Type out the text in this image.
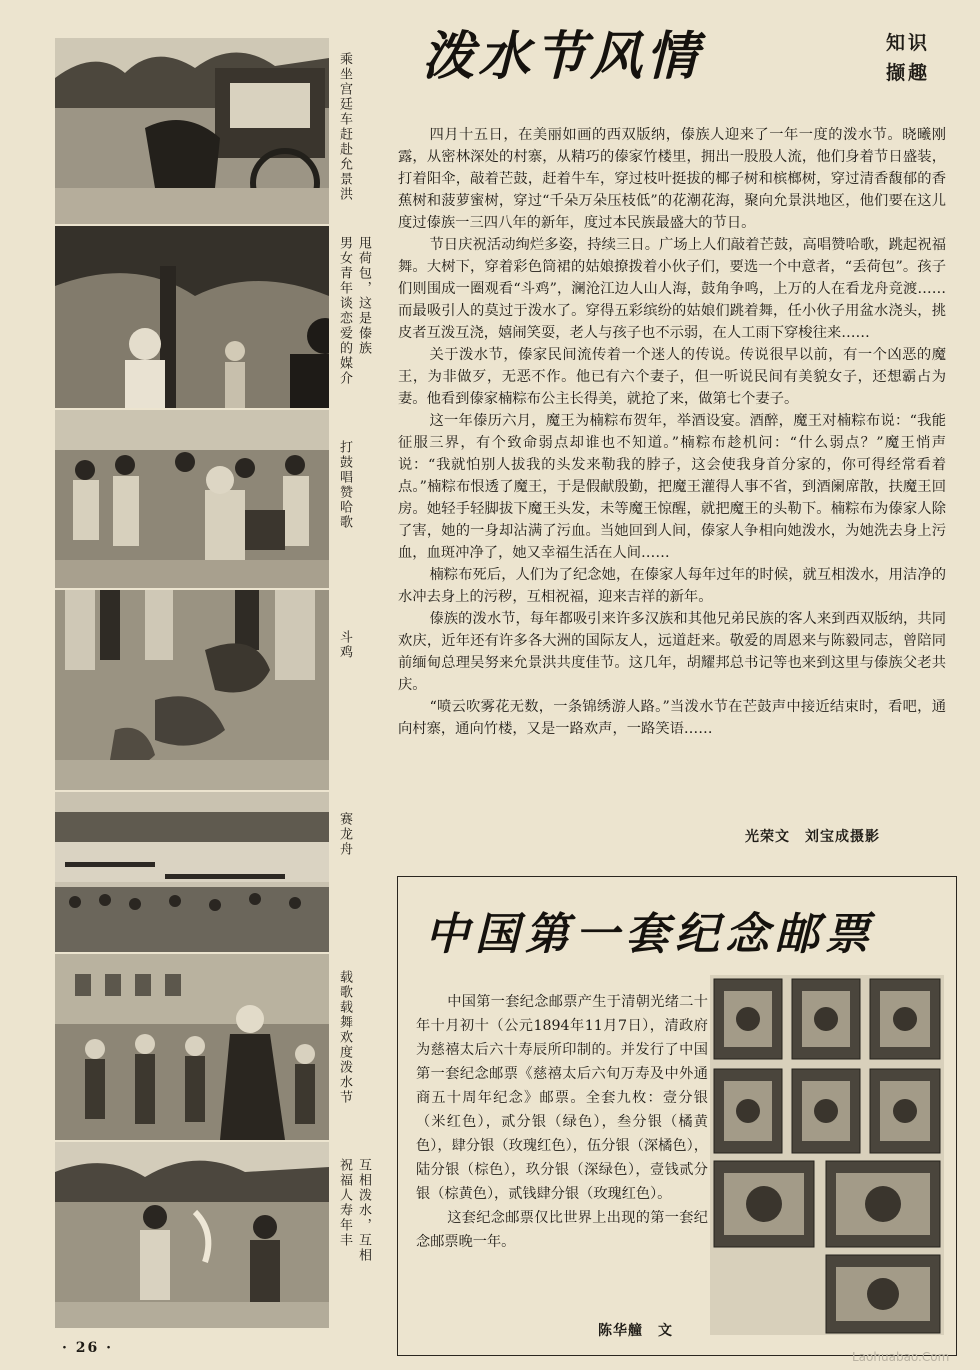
乘坐宫廷车赶赴允景洪
男女青年谈恋爱的媒介 甩荷包，这是傣族
打鼓唱赞哈歌
斗鸡
赛龙舟
载歌载舞欢度泼水节
祝福人寿年丰 互相泼水，互相
泼水节风情	知识
撷趣

四月十五日，在美丽如画的西双版纳，傣族人迎来了一年一度的泼水节。晓曦刚露，从密林深处的村寨，从精巧的傣家竹楼里，拥出一股股人流，他们身着节日盛装，打着阳伞，敲着芒鼓，赶着牛车，穿过枝叶挺拔的椰子树和槟榔树，穿过清香馥郁的香蕉树和菠萝蜜树，穿过“千朵万朵压枝低”的花潮花海，聚向允景洪地区，他们要在这儿度过傣族一三四八年的新年，度过本民族最盛大的节日。

节日庆祝活动绚烂多姿，持续三日。广场上人们敲着芒鼓，高唱赞哈歌，跳起祝福舞。大树下，穿着彩色筒裙的姑娘撩拨着小伙子们，要选一个中意者，“丢荷包”。孩子们则围成一圈观看“斗鸡”，澜沧江边人山人海，鼓角争鸣，上万的人在看龙舟竞渡……而最吸引人的莫过于泼水了。穿得五彩缤纷的姑娘们跳着舞，任小伙子用盆水浇头，挑皮者互泼互浇，嬉闹笑耍，老人与孩子也不示弱，在人工雨下穿梭往来……

关于泼水节，傣家民间流传着一个迷人的传说。传说很早以前，有一个凶恶的魔王，为非做歹，无恶不作。他已有六个妻子，但一听说民间有美貌女子，还想霸占为妻。他看到傣家楠粽布公主长得美，就抢了来，做第七个妻子。

这一年傣历六月，魔王为楠粽布贺年，举酒设宴。酒醉，魔王对楠粽布说：“我能征服三界，有个致命弱点却谁也不知道。”楠粽布趁机问：“什么弱点？”魔王悄声说：“我就怕别人拔我的头发来勒我的脖子，这会使我身首分家的，你可得经常看着点。”楠粽布恨透了魔王，于是假献殷勤，把魔王灌得人事不省，到酒阑席散，扶魔王回房。她轻手轻脚拔下魔王头发，未等魔王惊醒，就把魔王的头勒下。楠粽布为傣家人除了害，她的一身却沾满了污血。当她回到人间，傣家人争相向她泼水，为她洗去身上污血，血斑冲净了，她又幸福生活在人间……

楠粽布死后，人们为了纪念她，在傣家人每年过年的时候，就互相泼水，用洁净的水冲去身上的污秽，互相祝福，迎来吉祥的新年。

傣族的泼水节，每年都吸引来许多汉族和其他兄弟民族的客人来到西双版纳，共同欢庆，近年还有许多各大洲的国际友人，远道赶来。敬爱的周恩来与陈毅同志，曾陪同前缅甸总理吴努来允景洪共度佳节。这几年，胡耀邦总书记等也来到这里与傣族父老共庆。

“喷云吹雾花无数，一条锦绣游人路。”当泼水节在芒鼓声中接近结束时，看吧，通向村寨，通向竹楼，又是一路欢声，一路笑语……

光荣文　刘宝成摄影
中国第一套纪念邮票

中国第一套纪念邮票产生于清朝光绪二十年十月初十（公元1894年11月7日），清政府为慈禧太后六十寿辰所印制的。并发行了中国第一套纪念邮票《慈禧太后六旬万寿及中外通商五十周年纪念》邮票。全套九枚：壹分银（米红色），贰分银（绿色），叁分银（橘黄色），肆分银（玫瑰红色），伍分银（深橘色），陆分银（棕色），玖分银（深绿色），壹钱贰分银（棕黄色），贰钱肆分银（玫瑰红色）。

这套纪念邮票仅比世界上出现的第一套纪念邮票晚一年。

陈华艟　文
· 26 ·
Laohuabao.Com
